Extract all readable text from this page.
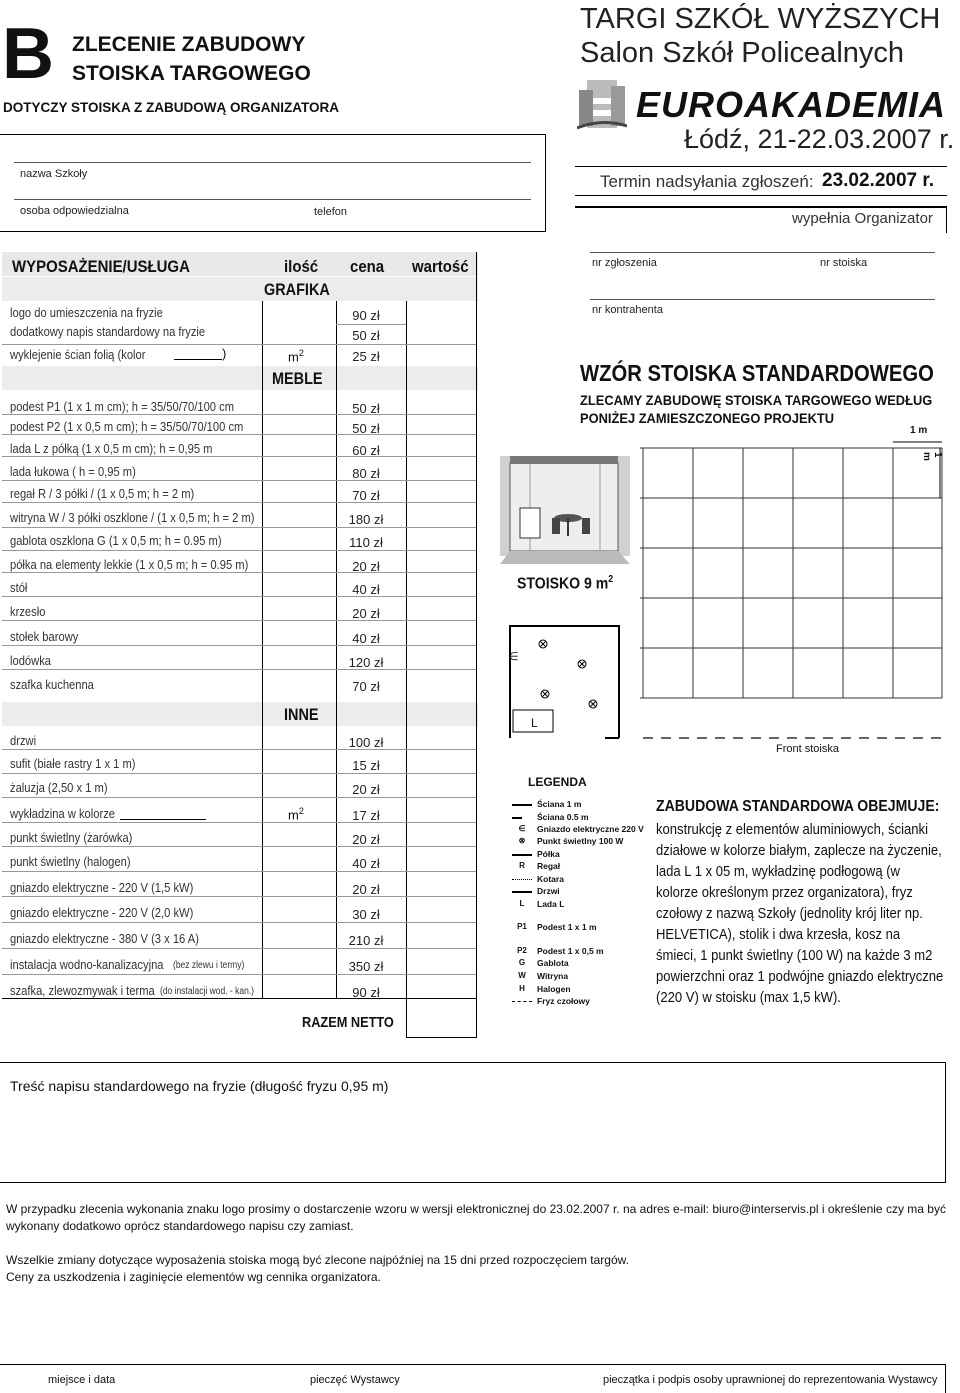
B ZLECENIE ZABUDOWY
STOISKA TARGOWEGO
DOTYCZY STOISKA Z ZABUDOWĄ ORGANIZATORA
nazwa Szkoły
osoba odpowiedzialna	telefon
TARGI SZKÓŁ WYŻSZYCH
Salon Szkół Policealnych
EUROAKADEMIA
Łódź, 21-22.03.2007 r.
Termin nadsyłania zgłoszeń: 23.02.2007 r.
wypełnia Organizator
nr zgłoszenia	nr stoiska
nr kontrahenta
WYPOSAŻENIE/USŁUGA	ilość cena wartość
GRAFIKA
MEBLE
INNE
logo do umieszczenia na fryzie	90 zł
dodatkowy napis standardowy na fryzie	50 zł
wyklejenie ścian folią (kolor	)	$m^2$	25 zł
podest P1 (1 x 1 m cm); h = 35/50/70/100 cm	50 zł
podest P2 (1 x 0,5 m cm); h = 35/50/70/100 cm	50 zł
lada L z półką (1 x 0,5 m cm); h = 0,95 m	60 zł
lada łukowa ( h = 0,95 m)	80 zł
regał R / 3 półki / (1 x 0,5 m; h = 2 m)	70 zł
witryna W / 3 półki oszklone / (1 x 0,5 m; h = 2 m)	180 zł
gablota oszklona G (1 x 0,5 m; h = 0.95 m)	110 zł
półka na elementy lekkie (1 x 0,5 m; h = 0.95 m)	20 zł
stół	40 zł
krzesło	20 zł
stołek barowy	40 zł
lodówka	120 zł
szafka kuchenna	70 zł
drzwi	100 zł
sufit (białe rastry 1 x 1 m)	15 zł
żaluzja (2,50 x 1 m)	20 zł
wykładzina w kolorze	$m^2$	17 zł
punkt świetlny (żarówka)	20 zł
punkt świetlny (halogen)	40 zł
gniazdo elektryczne - 220 V (1,5 kW)	20 zł
gniazdo elektryczne - 220 V (2,0 kW)	30 zł
gniazdo elektryczne - 380 V (3 x 16 A)	210 zł
instalacja wodno-kanalizacyjna (bez zlewu i termy)	350 zł
szafka, zlewozmywak i terma (do instalacji wod. - kan.)	90 zł
RAZEM NETTO
WZÓR STOISKA STANDARDOWEGO
ZLECAMY ZABUDOWĘ STOISKA TARGOWEGO WEDŁUG
PONIŻEJ ZAMIESZCZONEGO PROJEKTU
1 m
1 m
Front stoiska
STOISKO 9 $m^2$
L
∈
LEGENDA
Ściana 1 m
Ściana 0.5 m
∈	Gniazdo elektryczne 220 V
⊗	Punkt świetlny 100 W
Półka
R	Regał
Kotara
Drzwi
L	Lada L
P1	Podest 1 x 1 m
P2	Podest 1 x 0,5 m
G	Gablota
W	Witryna
H	Halogen
Fryz czołowy
ZABUDOWA STANDARDOWA OBEJMUJE:
konstrukcję z elementów aluminiowych, ścianki działowe w kolorze białym, zaplecze na życzenie, lada L 1 x 05 m, wykładzinę podłogową (w kolorze określonym przez organizatora), fryz czołowy z nazwą Szkoły (jednolity krój liter np. HELVETICA), stolik i dwa krzesła, kosz na śmieci, 1 punkt świetlny (100 W) na każde 3 m2 powierzchni oraz 1 podwójne gniazdo elektryczne (220 V) w stoisku (max 1,5 kW).
Treść napisu standardowego na fryzie (długość fryzu 0,95 m)
W przypadku zlecenia wykonania znaku logo prosimy o dostarczenie wzoru w wersji elektronicznej do 23.02.2007 r. na adres e-mail: biuro@interservis.pl i określenie czy ma być wykonany dodatkowo oprócz standardowego napisu czy zamiast.
Wszelkie zmiany dotyczące wyposażenia stoiska mogą być zlecone najpóźniej na 15 dni przed rozpoczęciem targów.
Ceny za uszkodzenia i zaginięcie elementów wg cennika organizatora.
miejsce i data	pieczęć Wystawcy	pieczątka i podpis osoby uprawnionej do reprezentowania Wystawcy
